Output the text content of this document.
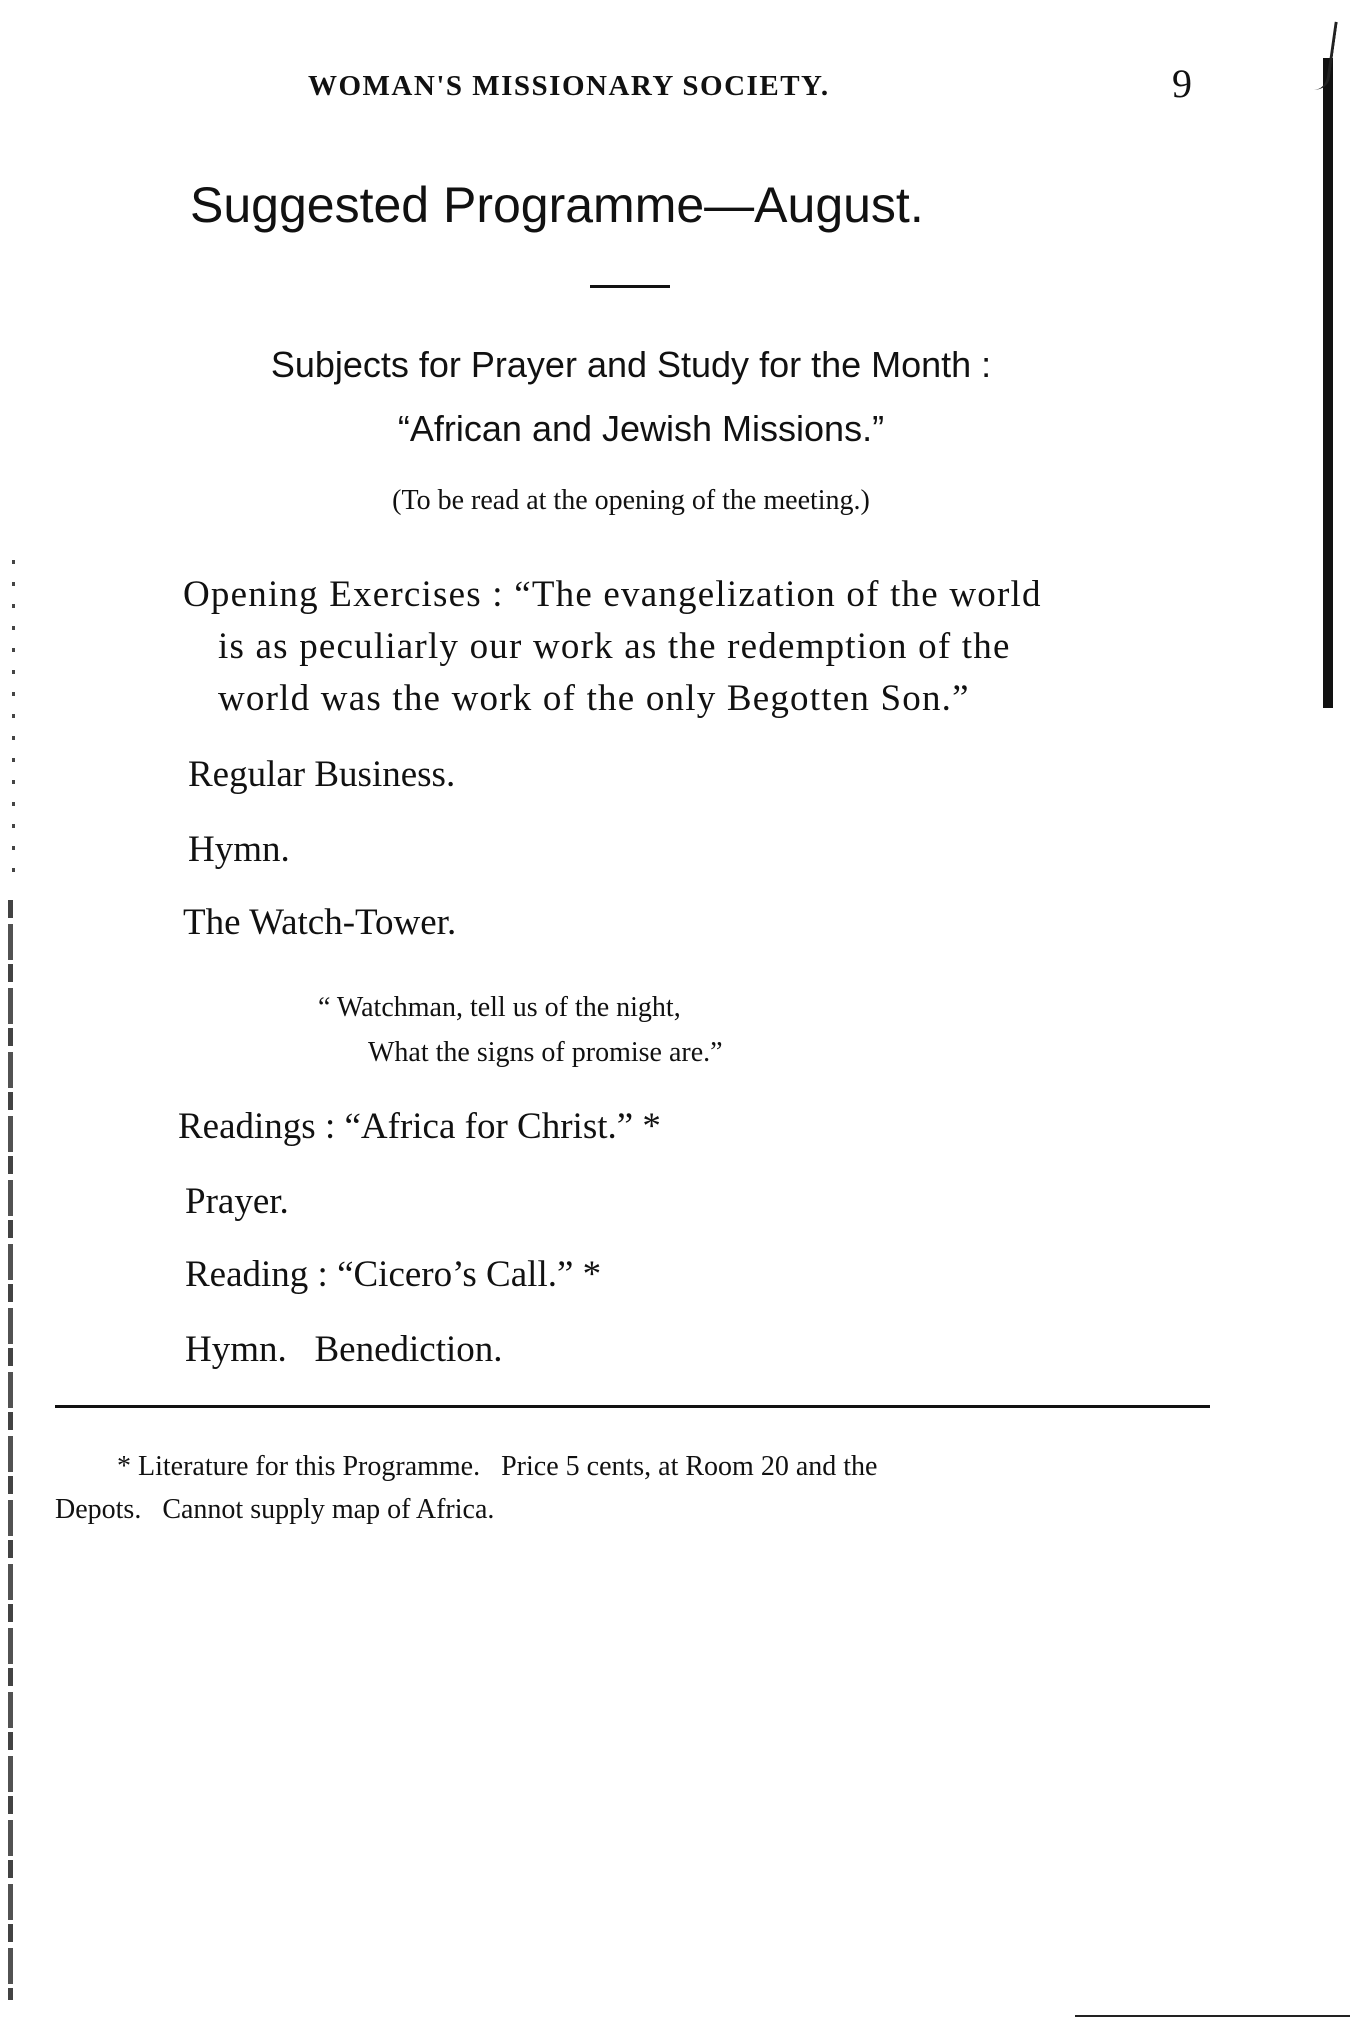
WOMAN'S MISSIONARY SOCIETY.	9
Suggested Programme—August.
Subjects for Prayer and Study for the Month :
“African and Jewish Missions.”
(To be read at the opening of the meeting.)
Opening Exercises : “The evangelization of the world
is as peculiarly our work as the redemption of the
world was the work of the only Begotten Son.”
Regular Business.
Hymn.
The Watch-Tower.
“ Watchman, tell us of the night,
What the signs of promise are.”
Readings : “Africa for Christ.” *
Prayer.
Reading : “Cicero’s Call.” *
Hymn.   Benediction.
* Literature for this Programme.   Price 5 cents, at Room 20 and the
Depots.   Cannot supply map of Africa.
